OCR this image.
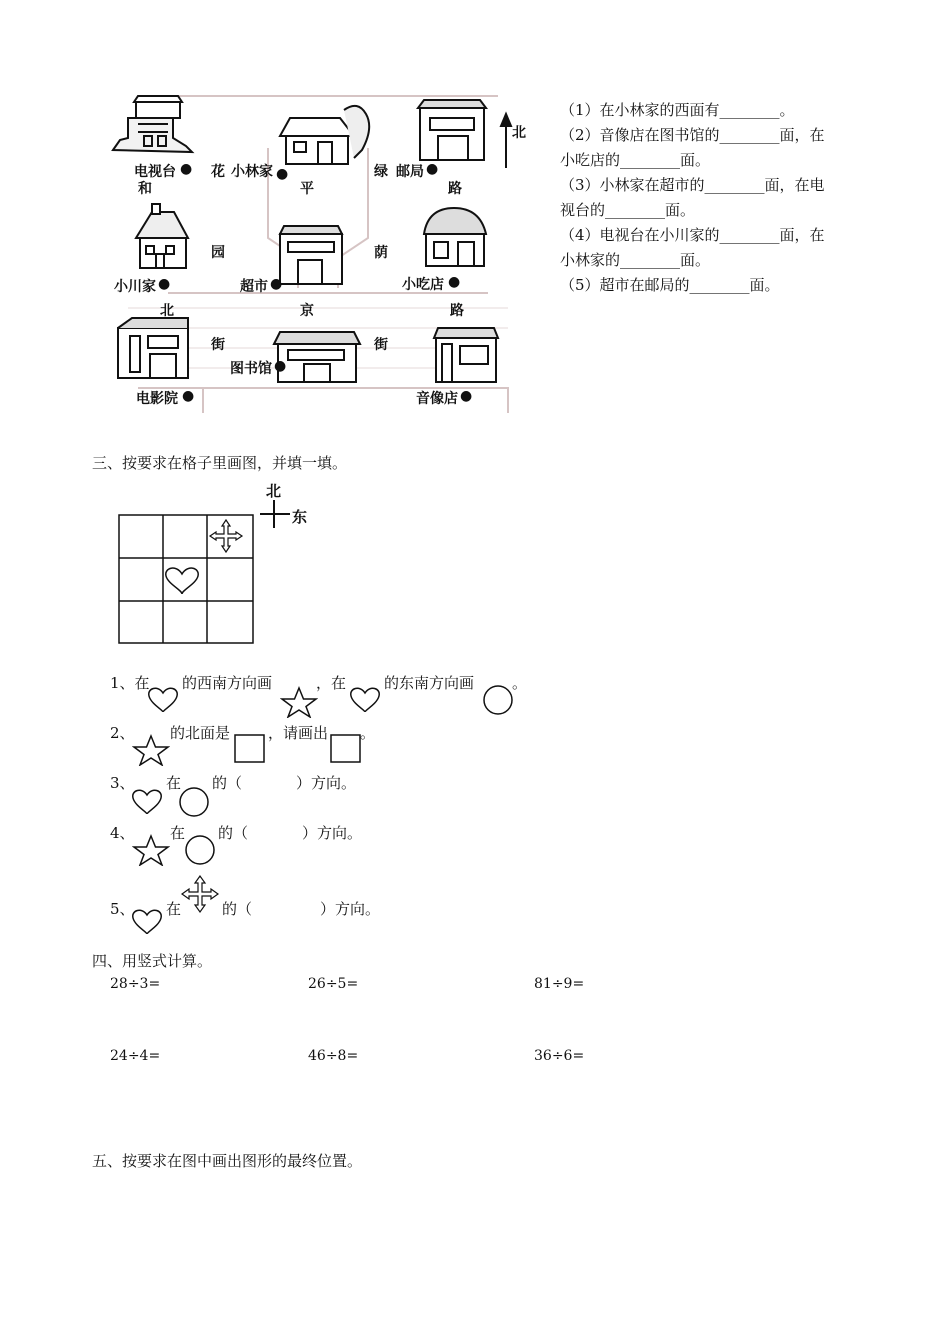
电视台 ●	小林家 ●	邮局 ●
北
小川家 ●	超市 ●	小吃店 ●
电影院 ●
图书馆 ●
音像店 ●
和
花
园
平
绿
荫
路
北	京	路
街	街
（1）在小林家的西面有________。
（2）音像店在图书馆的________面，在
小吃店的________面。
（3）小林家在超市的________面，在电
视台的________面。
（4）电视台在小川家的________面，在
小林家的________面。
（5）超市在邮局的________面。
三、按要求在格子里画图，并填一填。
北
东
1、在 的西南方向画	，在	的东南方向画	。
2、 的北面是	，请画出 。
3、 在 的（	）方向。
4、 在 的（	）方向。
5、 在	的（	）方向。
四、用竖式计算。
28÷3=	26÷5=	81÷9=
24÷4=	46÷8=	36÷6=
五、按要求在图中画出图形的最终位置。
